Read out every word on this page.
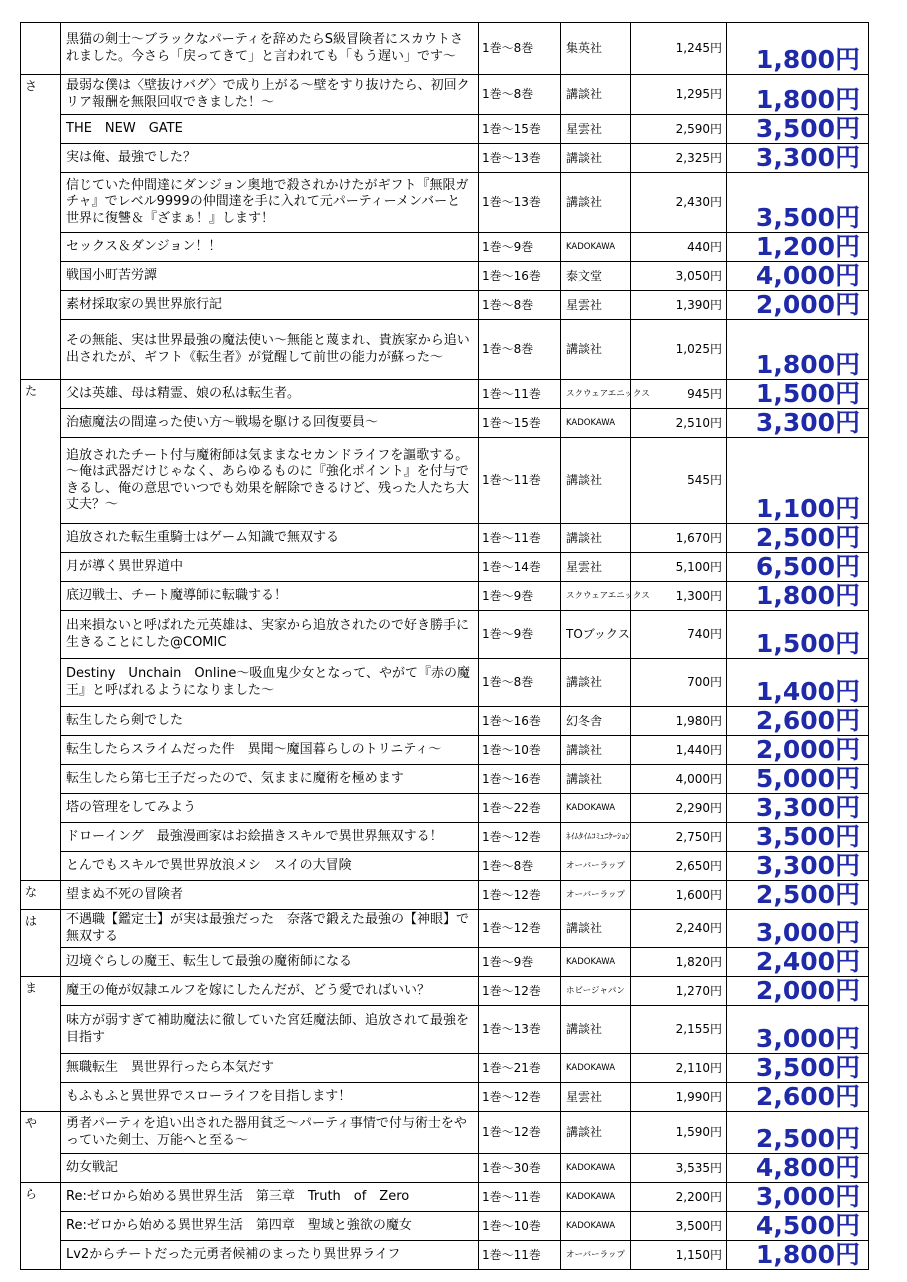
	黒猫の剣士～ブラックなパーティを辞めたらS級冒険者にスカウトされました。今さら「戻ってきて」と言われても「もう遅い」です～	1巻～8巻	集英社	1,245円	1,800円
さ	最弱な僕は〈壁抜けバグ〉で成り上がる～壁をすり抜けたら、初回クリア報酬を無限回収できました！～	1巻～8巻	講談社	1,295円	1,800円
	THE　NEW　GATE	1巻～15巻	星雲社	2,590円	3,500円
	実は俺、最強でした？	1巻～13巻	講談社	2,325円	3,300円
	信じていた仲間達にダンジョン奥地で殺されかけたがギフト『無限ガチャ』でレベル9999の仲間達を手に入れて元パーティーメンバーと世界に復讐＆『ざまぁ！』します！	1巻～13巻	講談社	2,430円	3,500円
	セックス＆ダンジョン！！	1巻～9巻	KADOKAWA	440円	1,200円
	戦国小町苦労譚	1巻～16巻	泰文堂	3,050円	4,000円
	素材採取家の異世界旅行記	1巻～8巻	星雲社	1,390円	2,000円
	その無能、実は世界最強の魔法使い～無能と蔑まれ、貴族家から追い出されたが、ギフト《転生者》が覚醒して前世の能力が蘇った～	1巻～8巻	講談社	1,025円	1,800円
た	父は英雄、母は精霊、娘の私は転生者。	1巻～11巻	スクウェアエニックス	945円	1,500円
	治癒魔法の間違った使い方～戦場を駆ける回復要員～	1巻～15巻	KADOKAWA	2,510円	3,300円
	追放されたチート付与魔術師は気ままなセカンドライフを謳歌する。～俺は武器だけじゃなく、あらゆるものに『強化ポイント』を付与できるし、俺の意思でいつでも効果を解除できるけど、残った人たち大丈夫？～	1巻～11巻	講談社	545円	1,100円
	追放された転生重騎士はゲーム知識で無双する	1巻～11巻	講談社	1,670円	2,500円
	月が導く異世界道中	1巻～14巻	星雲社	5,100円	6,500円
	底辺戦士、チート魔導師に転職する！	1巻～9巻	スクウェアエニックス	1,300円	1,800円
	出来損ないと呼ばれた元英雄は、実家から追放されたので好き勝手に生きることにした@COMIC	1巻～9巻	TOブックス	740円	1,500円
	Destiny　Unchain　Online～吸血鬼少女となって、やがて『赤の魔王』と呼ばれるようになりました～	1巻～8巻	講談社	700円	1,400円
	転生したら剣でした	1巻～16巻	幻冬舎	1,980円	2,600円
	転生したらスライムだった件　異聞～魔国暮らしのトリニティ～	1巻～10巻	講談社	1,440円	2,000円
	転生したら第七王子だったので、気ままに魔術を極めます	1巻～16巻	講談社	4,000円	5,000円
	塔の管理をしてみよう	1巻～22巻	KADOKAWA	2,290円	3,300円
	ドローイング　最強漫画家はお絵描きスキルで異世界無双する！	1巻～12巻	ﾈｲﾑﾀｲﾑｺﾐｭﾆｹｰｼｮﾝ	2,750円	3,500円
	とんでもスキルで異世界放浪メシ　スイの大冒険	1巻～8巻	オーバーラップ	2,650円	3,300円
な	望まぬ不死の冒険者	1巻～12巻	オーバーラップ	1,600円	2,500円
は	不遇職【鑑定士】が実は最強だった　奈落で鍛えた最強の【神眼】で無双する	1巻～12巻	講談社	2,240円	3,000円
	辺境ぐらしの魔王、転生して最強の魔術師になる	1巻～9巻	KADOKAWA	1,820円	2,400円
ま	魔王の俺が奴隷エルフを嫁にしたんだが、どう愛でればいい？	1巻～12巻	ホビージャパン	1,270円	2,000円
	味方が弱すぎて補助魔法に徹していた宮廷魔法師、追放されて最強を目指す	1巻～13巻	講談社	2,155円	3,000円
	無職転生　異世界行ったら本気だす	1巻～21巻	KADOKAWA	2,110円	3,500円
	もふもふと異世界でスローライフを目指します！	1巻～12巻	星雲社	1,990円	2,600円
や	勇者パーティを追い出された器用貧乏～パーティ事情で付与術士をやっていた剣士、万能へと至る～	1巻～12巻	講談社	1,590円	2,500円
	幼女戦記	1巻～30巻	KADOKAWA	3,535円	4,800円
ら	Re:ゼロから始める異世界生活　第三章　Truth　of　Zero	1巻～11巻	KADOKAWA	2,200円	3,000円
	Re:ゼロから始める異世界生活　第四章　聖域と強欲の魔女	1巻～10巻	KADOKAWA	3,500円	4,500円
	Lv2からチートだった元勇者候補のまったり異世界ライフ	1巻～11巻	オーバーラップ	1,150円	1,800円
